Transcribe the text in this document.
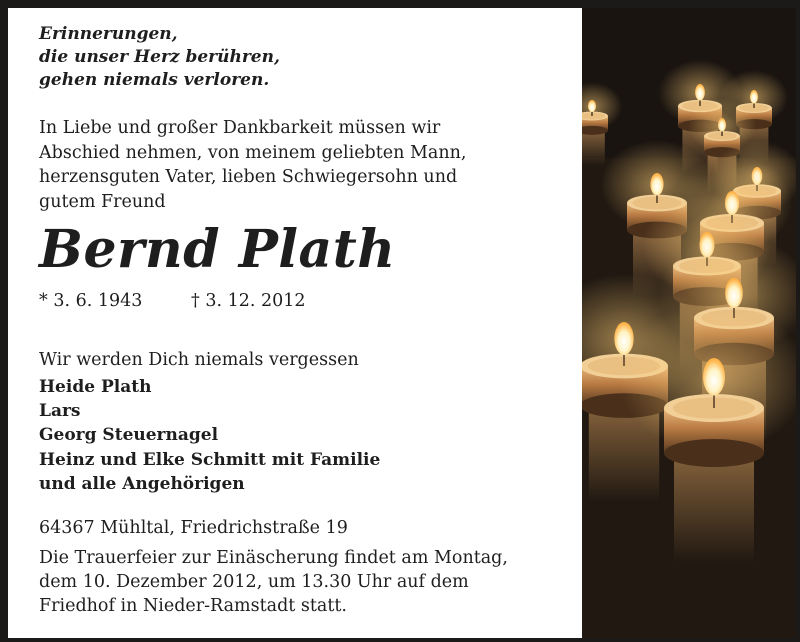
Erinnerungen,
die unser Herz berühren,
gehen niemals verloren.
In Liebe und großer Dankbarkeit müssen wir
Abschied nehmen, von meinem geliebten Mann,
herzensguten Vater, lieben Schwiegersohn und
gutem Freund
Bernd Plath
* 3. 6. 1943	† 3. 12. 2012
Wir werden Dich niemals vergessen
Heide Plath
Lars
Georg Steuernagel
Heinz und Elke Schmitt mit Familie
und alle Angehörigen
64367 Mühltal, Friedrichstraße 19
Die Trauerfeier zur Einäscherung findet am Montag,
dem 10. Dezember 2012, um 13.30 Uhr auf dem
Friedhof in Nieder-Ramstadt statt.
